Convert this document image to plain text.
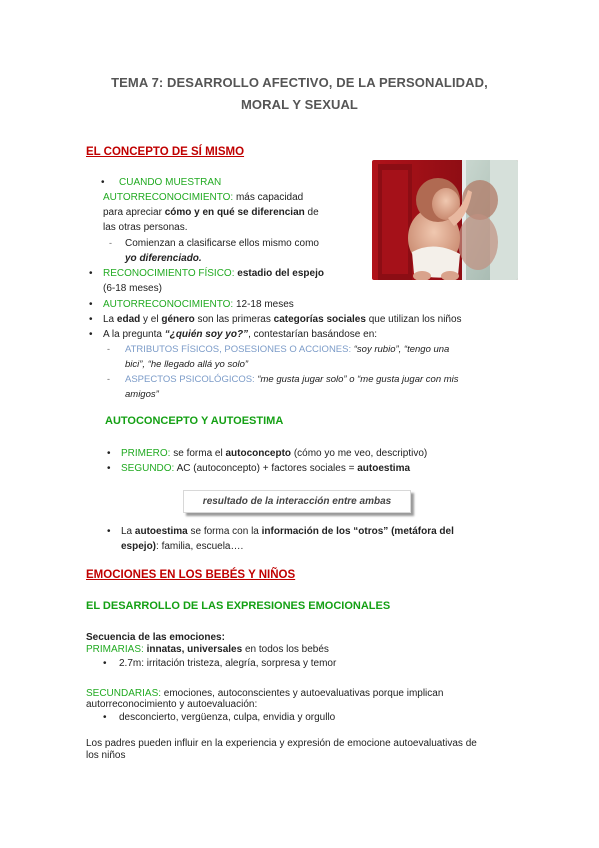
TEMA 7: DESARROLLO AFECTIVO, DE LA PERSONALIDAD,
MORAL Y SEXUAL
EL CONCEPTO DE SÍ MISMO
• CUANDO MUESTRAN
AUTORRECONOCIMIENTO: más capacidad
para apreciar cómo y en qué se diferencian de
las otras personas.
- Comienzan a clasificarse ellos mismo como
yo diferenciado.
• RECONOCIMIENTO FÍSICO: estadio del espejo
(6-18 meses)
• AUTORRECONOCIMIENTO: 12-18 meses
• La edad y el género son las primeras categorías sociales que utilizan los niños
• A la pregunta “¿quién soy yo?”, contestarían basándose en:
- ATRIBUTOS FÍSICOS, POSESIONES O ACCIONES: “soy rubio”, “tengo una
bici”, “he llegado allá yo solo”
- ASPECTOS PSICOLÓGICOS: “me gusta jugar solo” o “me gusta jugar con mis
amigos”
AUTOCONCEPTO Y AUTOESTIMA
• PRIMERO: se forma el autoconcepto (cómo yo me veo, descriptivo)
• SEGUNDO: AC (autoconcepto) + factores sociales = autoestima
resultado de la interacción entre ambas
• La autoestima se forma con la información de los “otros” (metáfora del
espejo): familia, escuela….
EMOCIONES EN LOS BEBÉS Y NIÑOS
EL DESARROLLO DE LAS EXPRESIONES EMOCIONALES
Secuencia de las emociones:
PRIMARIAS: innatas, universales en todos los bebés
• 2.7m: irritación tristeza, alegría, sorpresa y temor
SECUNDARIAS: emociones, autoconscientes y autoevaluativas porque implican
autorreconocimiento y autoevaluación:
• desconcierto, vergüenza, culpa, envidia y orgullo
Los padres pueden influir en la experiencia y expresión de emocione autoevaluativas de
los niños
